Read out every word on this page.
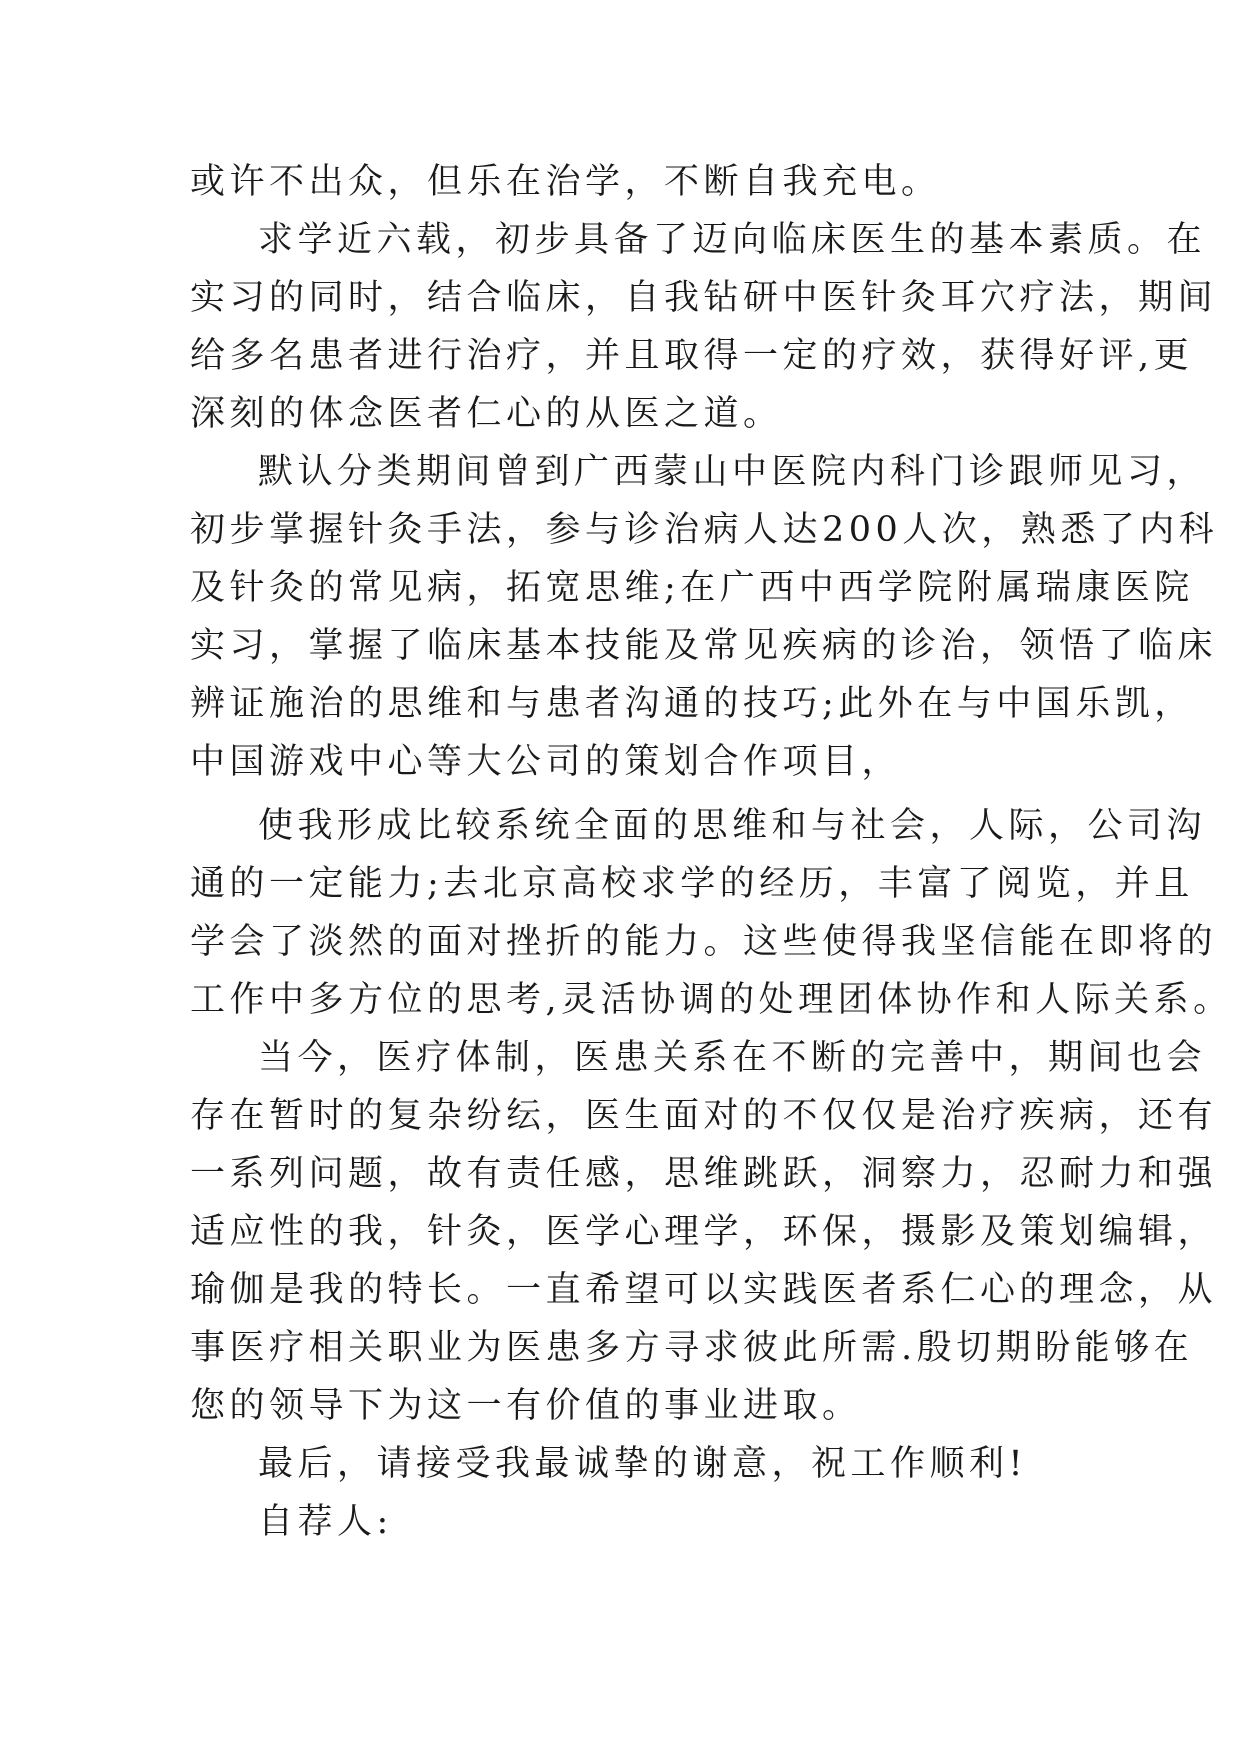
或许不出众，但乐在治学，不断自我充电。
求学近六载，初步具备了迈向临床医生的基本素质。在
实习的同时，结合临床，自我钻研中医针灸耳穴疗法，期间
给多名患者进行治疗，并且取得一定的疗效，获得好评,更
深刻的体念医者仁心的从医之道。
默认分类期间曾到广西蒙山中医院内科门诊跟师见习，
初步掌握针灸手法，参与诊治病人达200人次，熟悉了内科
及针灸的常见病，拓宽思维;在广西中西学院附属瑞康医院
实习，掌握了临床基本技能及常见疾病的诊治，领悟了临床
辨证施治的思维和与患者沟通的技巧;此外在与中国乐凯，
中国游戏中心等大公司的策划合作项目，
使我形成比较系统全面的思维和与社会，人际，公司沟
通的一定能力;去北京高校求学的经历，丰富了阅览，并且
学会了淡然的面对挫折的能力。这些使得我坚信能在即将的
工作中多方位的思考,灵活协调的处理团体协作和人际关系。
当今，医疗体制，医患关系在不断的完善中，期间也会
存在暂时的复杂纷纭，医生面对的不仅仅是治疗疾病，还有
一系列问题，故有责任感，思维跳跃，洞察力，忍耐力和强
适应性的我，针灸，医学心理学，环保，摄影及策划编辑，
瑜伽是我的特长。一直希望可以实践医者系仁心的理念，从
事医疗相关职业为医患多方寻求彼此所需.殷切期盼能够在
您的领导下为这一有价值的事业进取。
最后，请接受我最诚挚的谢意，祝工作顺利!
自荐人:
